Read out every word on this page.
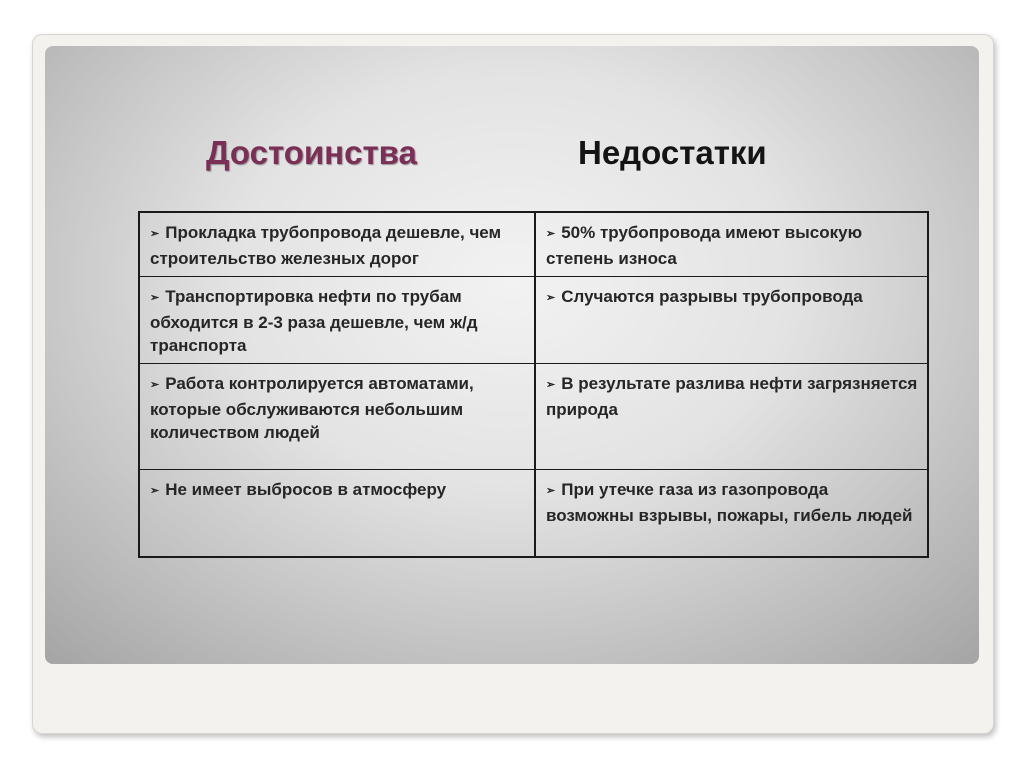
Достоинства	Недостатки
➢ Прокладка трубопровода дешевле, чем строительство железных дорог	➢ 50% трубопровода имеют высокую степень износа
➢ Транспортировка нефти по трубам обходится в 2-3 раза дешевле, чем ж/д транспорта	➢ Случаются разрывы трубопровода
➢ Работа контролируется автоматами, которые обслуживаются небольшим количеством людей	➢ В результате разлива нефти загрязняется природа
➢ Не имеет выбросов в атмосферу	➢ При утечке газа из газопровода возможны взрывы, пожары, гибель людей
